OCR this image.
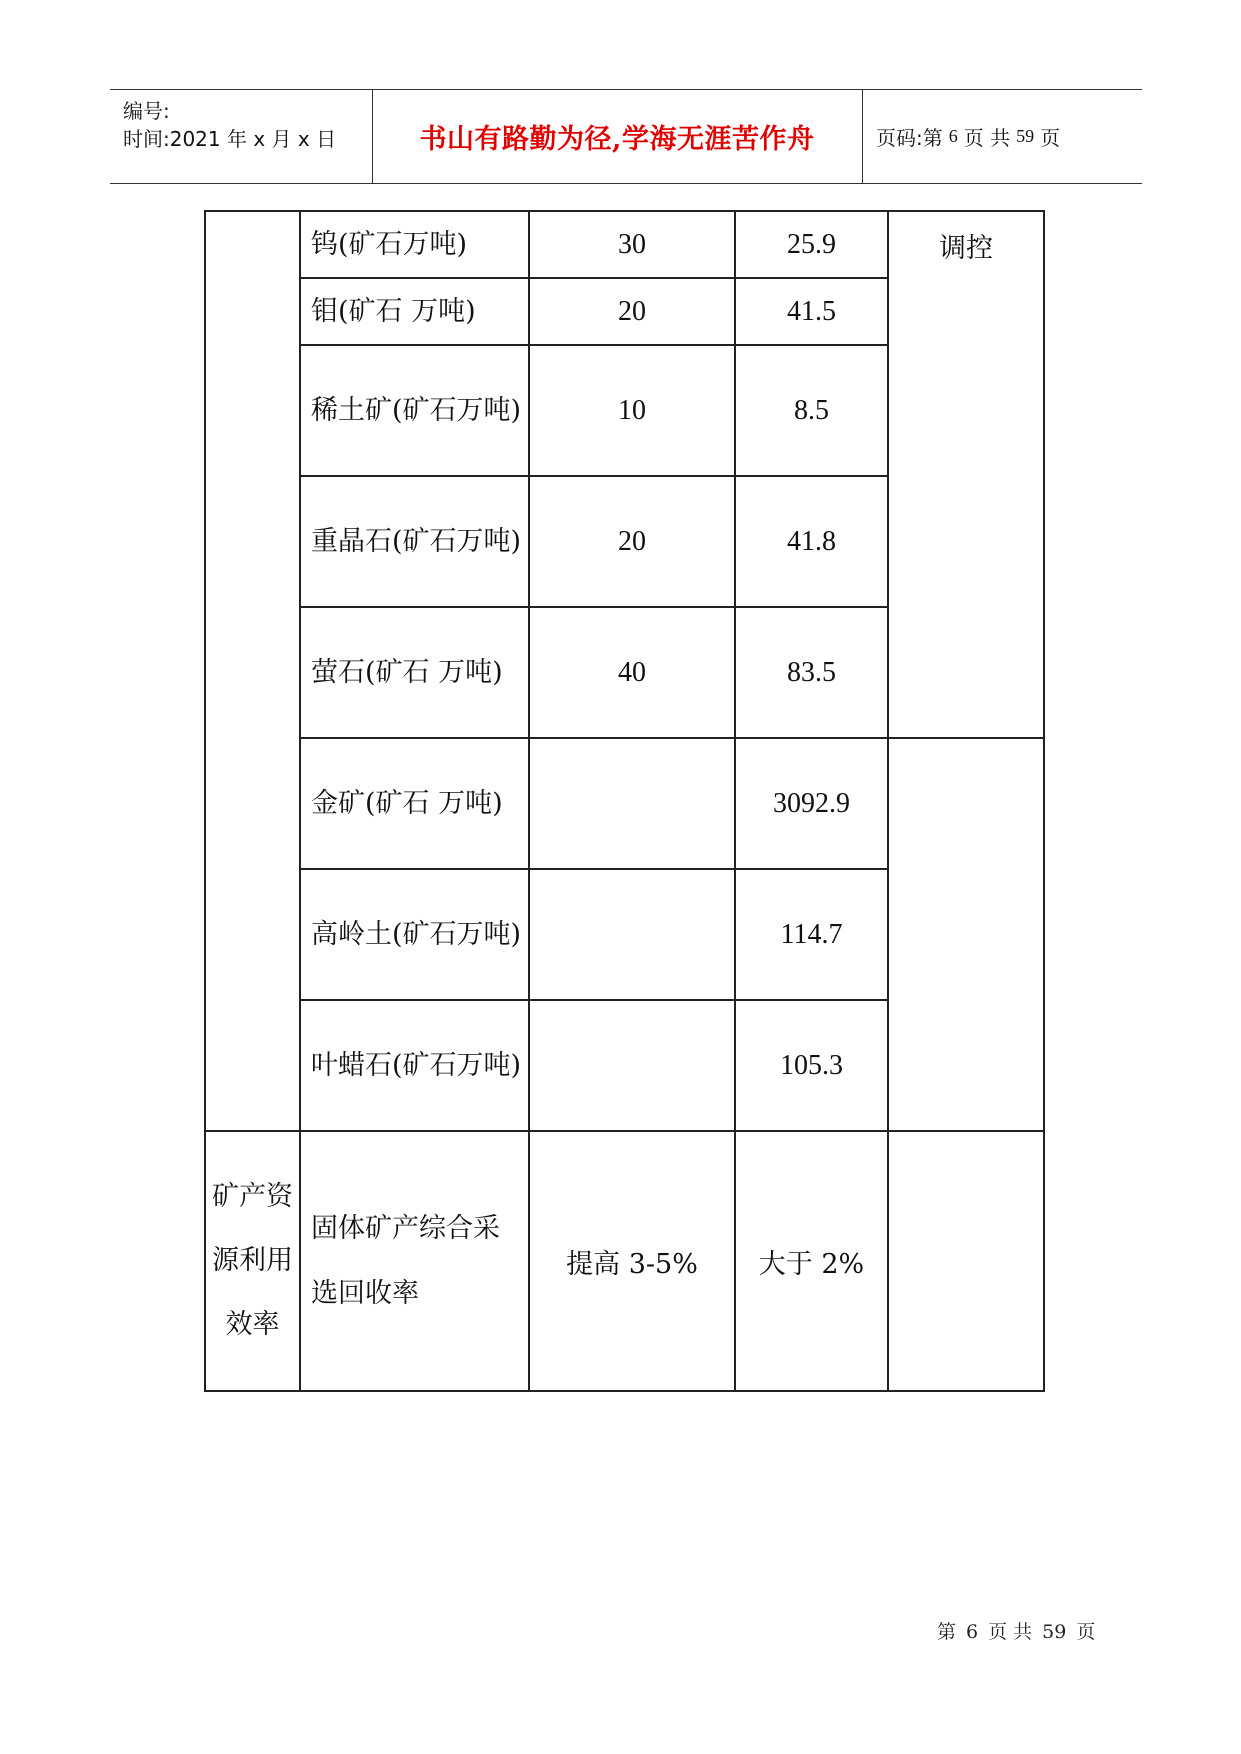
编号:
时间:2021 年 x 月 x 日	书山有路勤为径,学海无涯苦作舟	页码:第 6 页 共 59 页
	钨(矿石万吨)	30	25.9	调控
	钼(矿石 万吨)	20	41.5	
	稀土矿(矿石万吨)	10	8.5	
	重晶石(矿石万吨)	20	41.8	
	萤石(矿石 万吨)	40	83.5	
	金矿(矿石 万吨)		3092.9	
	高岭土(矿石万吨)		114.7	
	叶蜡石(矿石万吨)		105.3	
矿产资源利用效率	固体矿产综合采选回收率	提高 3-5%	大于 2%	
第 6 页 共 59 页
